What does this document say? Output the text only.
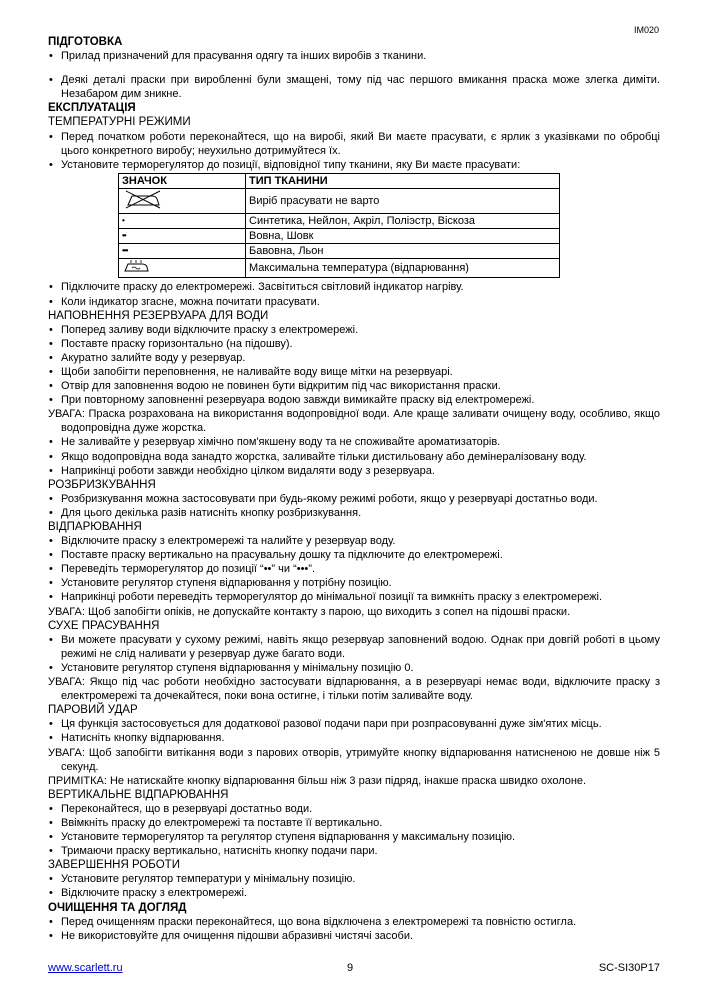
IM020
ПІДГОТОВКА
• Прилад призначений для прасування одягу та інших виробів з тканини.
• Деякі деталі праски при виробленні були змащені, тому під час першого вмикання праска може злегка диміти. Незабаром дим зникне.
ЕКСПЛУАТАЦІЯ
ТЕМПЕРАТУРНІ РЕЖИМИ
• Перед початком роботи переконайтеся, що на виробі, який Ви маєте прасувати, є ярлик з указівками по обробці цього конкретного виробу; неухильно дотримуйтеся їх.
• Установите терморегулятор до позиції, відповідної типу тканини, яку Ви маєте прасувати:
ЗНАЧОК	ТИП ТКАНИНИ
	Виріб прасувати не варто
•	Синтетика, Нейлон, Акріл, Поліэстр, Віскоза
••	Вовна, Шовк
•••	Бавовна, Льон
	Максимальна температура (відпарювання)
• Підключите праску до електромережі. Засвітиться світловий індикатор нагріву.
• Коли індикатор згасне, можна почитати прасувати.
НАПОВНЕННЯ РЕЗЕРВУАРА ДЛЯ ВОДИ
• Поперед заливу води відключите праску з електромережі.
• Поставте праску горизонтально (на підошву).
• Акуратно залийте воду у резервуар.
• Щоби запобігти переповнення, не наливайте воду вище мітки на резервуарі.
• Отвір для заповнення водою не повинен бути відкритим під час використання праски.
• При повторному заповненні резервуара водою завжди вимикайте праску від електромережі.
УВАГА: Праска розрахована на використання водопровідної води. Але краще заливати очищену воду, особливо, якщо водопровідна дуже жорстка.
• Не заливайте у резервуар хімічно пом'якшену воду та не споживайте ароматизаторів.
• Якщо водопровідна вода занадто жорстка, заливайте тільки дистильовану або демінералізовану воду.
• Наприкінці роботи завжди необхідно цілком видаляти воду з резервуара.
РОЗБРИЗКУВАННЯ
• Розбризкування можна застосовувати при будь-якому режимі роботи, якщо у резервуарі достатньо води.
• Для цього декілька разів натисніть кнопку розбризкування.
ВІДПАРЮВАННЯ
• Відключите праску з електромережі та налийте у резервуар воду.
• Поставте праску вертикально на прасувальну дошку та підключите до електромережі.
• Переведіть терморегулятор до позиції “••” чи “•••”.
• Установите регулятор ступеня відпарювання у потрібну позицію.
• Наприкінці роботи переведіть терморегулятор до мінімальної позиції та вимкніть праску з електромережі.
УВАГА: Щоб запобігти опіків, не допускайте контакту з парою, що виходить з сопел на підошві праски.
СУХЕ ПРАСУВАННЯ
• Ви можете прасувати у сухому режимі, навіть якщо резервуар заповнений водою. Однак при довгій роботі в цьому режимі не слід наливати у резервуар дуже багато води.
• Установите регулятор ступеня відпарювання у мінімальну позицію 0.
УВАГА: Якщо під час роботи необхідно застосувати відпарювання, а в резервуарі немає води, відключите праску з електромережі та дочекайтеся, поки вона остигне, і тільки потім заливайте воду.
ПАРОВИЙ УДАР
• Ця функція застосовується для додаткової разової подачи пари при розпрасовуванні дуже зім'ятих місць.
• Натисніть кнопку відпарювання.
УВАГА: Щоб запобігти витікання води з парових отворів, утримуйте кнопку відпарювання натисненою не довше ніж 5 секунд.
ПРИМІТКА: Не натискайте кнопку відпарювання більш ніж 3 рази підряд, інакше праска швидко охолоне.
ВЕРТИКАЛЬНЕ ВІДПАРЮВАННЯ
• Переконайтеся, що в резервуарі достатньо води.
• Ввімкніть праску до електромережі та поставте її вертикально.
• Установите терморегулятор та регулятор ступеня відпарювання у максимальну позицію.
• Тримаючи праску вертикально, натисніть кнопку подачи пари.
ЗАВЕРШЕННЯ РОБОТИ
• Установите регулятор температури у мінімальну позицію.
• Відключите праску з електромережі.
ОЧИЩЕННЯ ТА ДОГЛЯД
• Перед очищенням праски переконайтеся, що вона відключена з електромережі та повністю остигла.
• Не використовуйте для очищення підошви абразивні чистячі засоби.
www.scarlett.ru	9	SC-SI30P17
